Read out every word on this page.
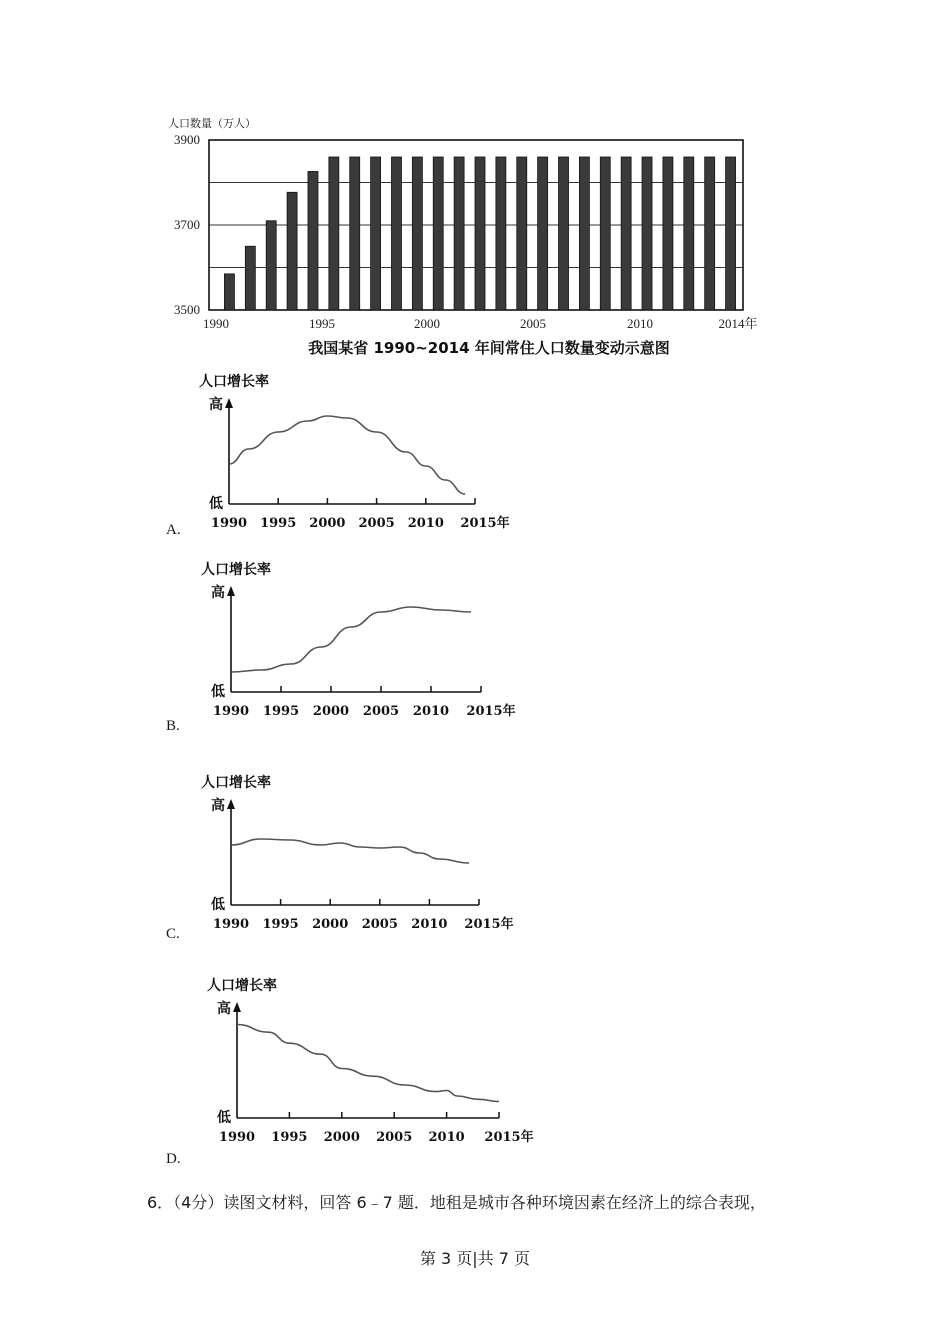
人口数量（万人）
3900
3700
3500
1990	1995	2000	2005	2010	2014年
我国某省 1990~2014 年间常住人口数量变动示意图
人口增长率
高
低
1990 1995 2000 2005 2010 2015年
A.
人口增长率
高
低
1990 1995 2000 2005 2010 2015年
B.
人口增长率
高
低
1990 1995 2000 2005 2010 2015年
C.
人口增长率
高
低
1990 1995 2000 2005 2010 2015年
D.
6．（4分）读图文材料，回答 6﹣7 题．地租是城市各种环境因素在经济上的综合表现，
第 3 页|共 7 页
